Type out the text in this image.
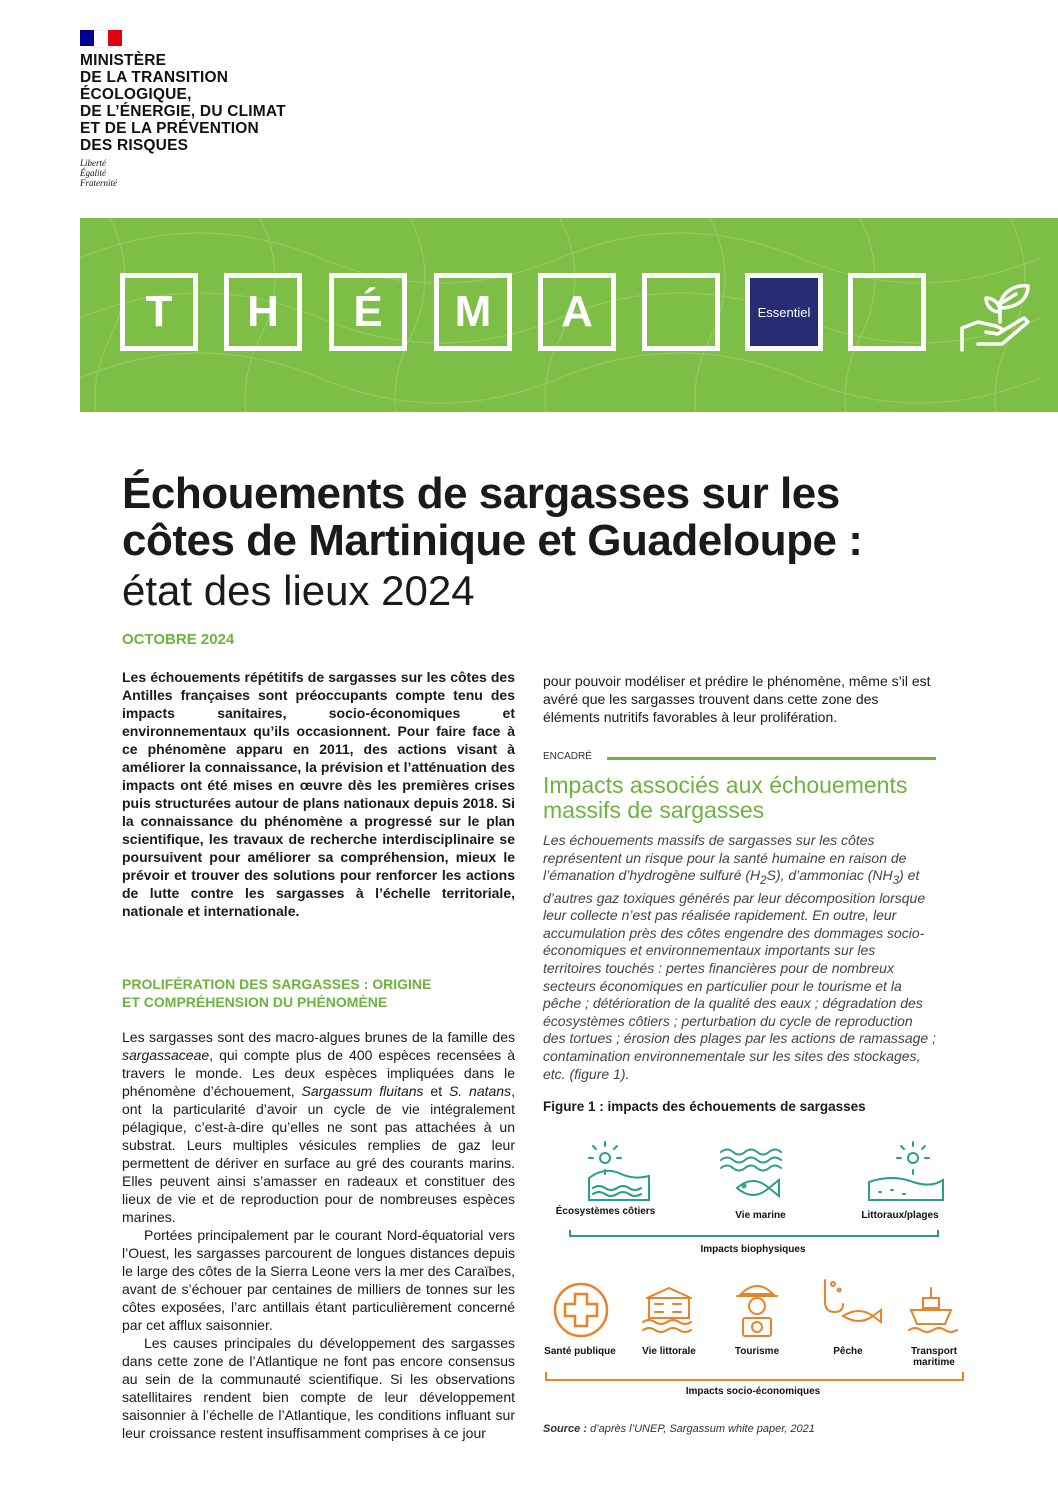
MINISTÈRE
DE LA TRANSITION
ÉCOLOGIQUE,
DE L’ÉNERGIE, DU CLIMAT
ET DE LA PRÉVENTION
DES RISQUES
Liberté
Égalité
Fraternité
T	H	É	M	A	Essentiel
Échouements de sargasses sur les
côtes de Martinique et Guadeloupe :
état des lieux 2024
OCTOBRE 2024
Les échouements répétitifs de sargasses sur les côtes des Antilles françaises sont préoccupants compte tenu des impacts sanitaires, socio-économiques et environnementaux qu’ils occasionnent. Pour faire face à ce phénomène apparu en 2011, des actions visant à améliorer la connaissance, la prévision et l’atténuation des impacts ont été mises en œuvre dès les premières crises puis structurées autour de plans nationaux depuis 2018. Si la connaissance du phénomène a progressé sur le plan scientifique, les travaux de recherche interdisciplinaire se poursuivent pour améliorer sa compréhension, mieux le prévoir et trouver des solutions pour renforcer les actions de lutte contre les sargasses à l’échelle territoriale, nationale et internationale.
PROLIFÉRATION DES SARGASSES : ORIGINE
ET COMPRÉHENSION DU PHÉNOMÈNE

Les sargasses sont des macro-algues brunes de la famille des sargassaceae, qui compte plus de 400 espèces recensées à travers le monde. Les deux espèces impliquées dans le phénomène d’échouement, Sargassum fluitans et S. natans, ont la particularité d’avoir un cycle de vie intégralement pélagique, c’est-à-dire qu’elles ne sont pas attachées à un substrat. Leurs multiples vésicules remplies de gaz leur permettent de dériver en surface au gré des courants marins. Elles peuvent ainsi s’amasser en radeaux et constituer des lieux de vie et de reproduction pour de nombreuses espèces marines.

Portées principalement par le courant Nord-équatorial vers l’Ouest, les sargasses parcourent de longues distances depuis le large des côtes de la Sierra Leone vers la mer des Caraïbes, avant de s’échouer par centaines de milliers de tonnes sur les côtes exposées, l’arc antillais étant particulièrement concerné par cet afflux saisonnier.

Les causes principales du développement des sargasses dans cette zone de l’Atlantique ne font pas encore consensus au sein de la communauté scientifique. Si les observations satellitaires rendent bien compte de leur développement saisonnier à l’échelle de l’Atlantique, les conditions influant sur leur croissance restent insuffisamment comprises à ce jour

pour pouvoir modéliser et prédire le phénomène, même s’il est avéré que les sargasses trouvent dans cette zone des éléments nutritifs favorables à leur prolifération.
ENCADRÉ
Impacts associés aux échouements
massifs de sargasses
Les échouements massifs de sargasses sur les côtes représentent un risque pour la santé humaine en raison de l’émanation d’hydrogène sulfuré $(H_2S)$, d’ammoniac $(NH_3)$ et d’autres gaz toxiques générés par leur décomposition lorsque leur collecte n’est pas réalisée rapidement. En outre, leur accumulation près des côtes engendre des dommages socio-économiques et environnementaux importants sur les territoires touchés : pertes financières pour de nombreux secteurs économiques en particulier pour le tourisme et la pêche ; détérioration de la qualité des eaux ; dégradation des écosystèmes côtiers ; perturbation du cycle de reproduction des tortues ; érosion des plages par les actions de ramassage ; contamination environnementale sur les sites des stockages, etc. (figure 1).
Figure 1 : impacts des échouements de sargasses
Écosystèmes côtiers	Vie marine	Littoraux/plages
Impacts biophysiques
Santé publique	Vie littorale	Tourisme	Pêche	Transport maritime
Impacts socio-économiques
Source : d’après l’UNEP, Sargassum white paper, 2021
